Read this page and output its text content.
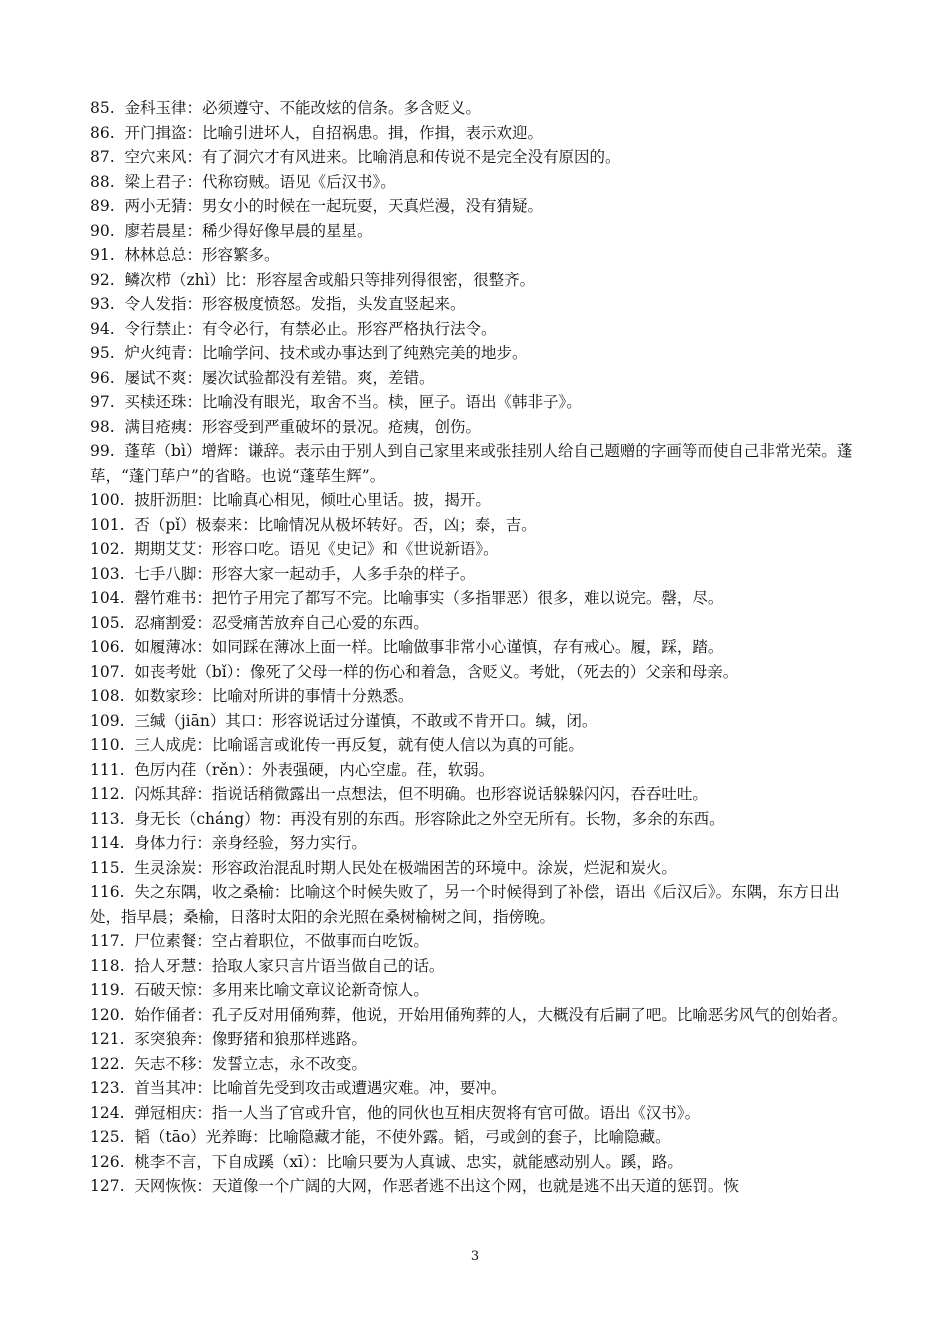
85. 金科玉律：必须遵守、不能改炫的信条。多含贬义。

86. 开门揖盗：比喻引进坏人，自招祸患。揖，作揖，表示欢迎。

87. 空穴来风：有了洞穴才有风进来。比喻消息和传说不是完全没有原因的。

88. 梁上君子：代称窃贼。语见《后汉书》。

89. 两小无猜：男女小的时候在一起玩耍，天真烂漫，没有猜疑。

90. 廖若晨星：稀少得好像早晨的星星。

91. 林林总总：形容繁多。

92. 鳞次栉（zhì）比：形容屋舍或船只等排列得很密，很整齐。

93. 令人发指：形容极度愤怒。发指，头发直竖起来。

94. 令行禁止：有令必行，有禁必止。形容严格执行法令。

95. 炉火纯青：比喻学问、技术或办事达到了纯熟完美的地步。

96. 屡试不爽：屡次试验都没有差错。爽，差错。

97. 买椟还珠：比喻没有眼光，取舍不当。椟，匣子。语出《韩非子》。

98. 满目疮痍：形容受到严重破坏的景况。疮痍，创伤。

99. 蓬荜（bì）增辉：谦辞。表示由于别人到自己家里来或张挂别人给自己题赠的字画等而使自己非常光荣。蓬荜，“蓬门荜户”的省略。也说“蓬荜生辉”。

100. 披肝沥胆：比喻真心相见，倾吐心里话。披，揭开。

101. 否（pǐ）极泰来：比喻情况从极坏转好。否，凶；泰，吉。

102. 期期艾艾：形容口吃。语见《史记》和《世说新语》。

103. 七手八脚：形容大家一起动手，人多手杂的样子。

104. 罄竹难书：把竹子用完了都写不完。比喻事实（多指罪恶）很多，难以说完。罄，尽。

105. 忍痛割爱：忍受痛苦放弃自己心爱的东西。

106. 如履薄冰：如同踩在薄冰上面一样。比喻做事非常小心谨慎，存有戒心。履，踩，踏。

107. 如丧考妣（bǐ）：像死了父母一样的伤心和着急，含贬义。考妣，（死去的）父亲和母亲。

108. 如数家珍：比喻对所讲的事情十分熟悉。

109. 三缄（jiān）其口：形容说话过分谨慎，不敢或不肯开口。缄，闭。

110. 三人成虎：比喻谣言或讹传一再反复，就有使人信以为真的可能。

111. 色厉内荏（rěn）：外表强硬，内心空虚。荏，软弱。

112. 闪烁其辞：指说话稍微露出一点想法，但不明确。也形容说话躲躲闪闪，吞吞吐吐。

113. 身无长（cháng）物：再没有别的东西。形容除此之外空无所有。长物，多余的东西。

114. 身体力行：亲身经验，努力实行。

115. 生灵涂炭：形容政治混乱时期人民处在极端困苦的环境中。涂炭，烂泥和炭火。

116. 失之东隅，收之桑榆：比喻这个时候失败了，另一个时候得到了补偿，语出《后汉后》。东隅，东方日出处，指早晨；桑榆，日落时太阳的余光照在桑树榆树之间，指傍晚。

117. 尸位素餐：空占着职位，不做事而白吃饭。

118. 拾人牙慧：拾取人家只言片语当做自己的话。

119. 石破天惊：多用来比喻文章议论新奇惊人。

120. 始作俑者：孔子反对用俑殉葬，他说，开始用俑殉葬的人，大概没有后嗣了吧。比喻恶劣风气的创始者。

121. 豕突狼奔：像野猪和狼那样逃路。

122. 矢志不移：发誓立志，永不改变。

123. 首当其冲：比喻首先受到攻击或遭遇灾难。冲，要冲。

124. 弹冠相庆：指一人当了官或升官，他的同伙也互相庆贺将有官可做。语出《汉书》。

125. 韬（tāo）光养晦：比喻隐藏才能，不使外露。韬，弓或剑的套子，比喻隐藏。

126. 桃李不言，下自成蹊（xī）：比喻只要为人真诚、忠实，就能感动别人。蹊，路。

127. 天网恢恢：天道像一个广阔的大网，作恶者逃不出这个网，也就是逃不出天道的惩罚。恢

3
